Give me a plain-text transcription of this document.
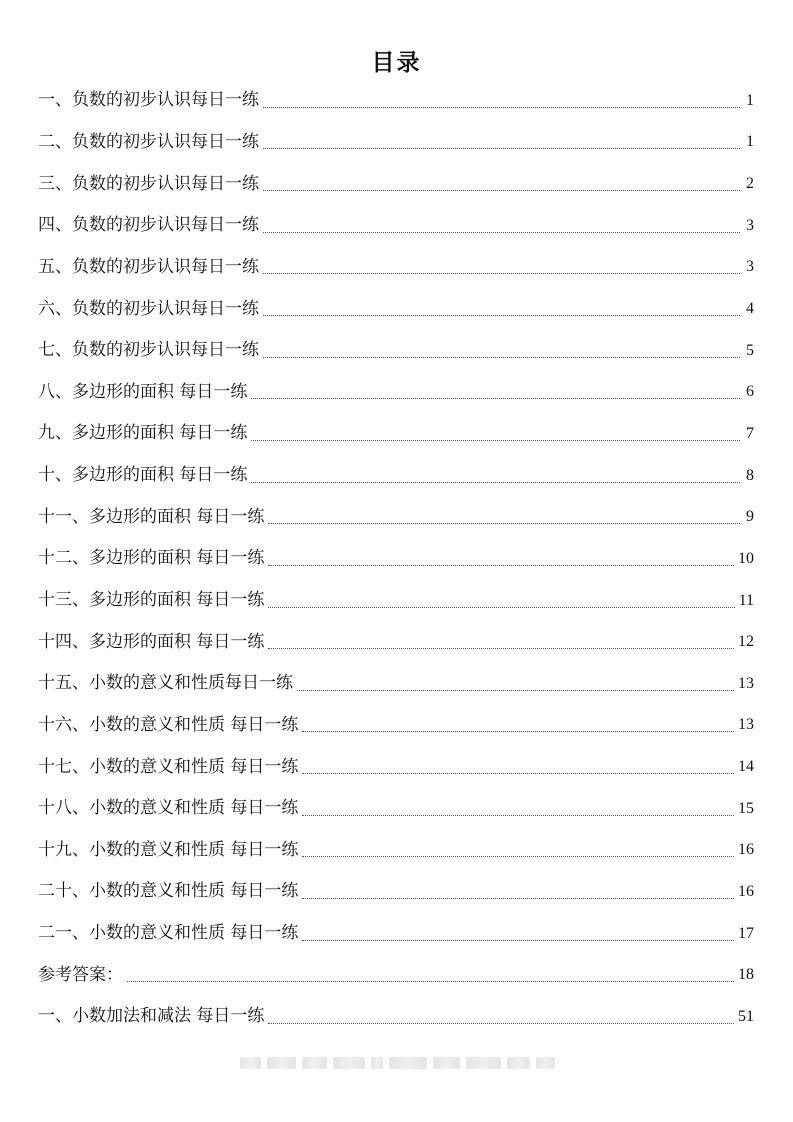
目录
一、负数的初步认识每日一练	1
二、负数的初步认识每日一练	1
三、负数的初步认识每日一练	2
四、负数的初步认识每日一练	3
五、负数的初步认识每日一练	3
六、负数的初步认识每日一练	4
七、负数的初步认识每日一练	5
八、多边形的面积 每日一练	6
九、多边形的面积 每日一练	7
十、多边形的面积 每日一练	8
十一、多边形的面积 每日一练	9
十二、多边形的面积 每日一练	10
十三、多边形的面积 每日一练	11
十四、多边形的面积 每日一练	12
十五、小数的意义和性质每日一练	13
十六、小数的意义和性质 每日一练	13
十七、小数的意义和性质 每日一练	14
十八、小数的意义和性质 每日一练	15
十九、小数的意义和性质 每日一练	16
二十、小数的意义和性质 每日一练	16
二一、小数的意义和性质 每日一练	17
参考答案：	18
一、小数加法和减法 每日一练	51
